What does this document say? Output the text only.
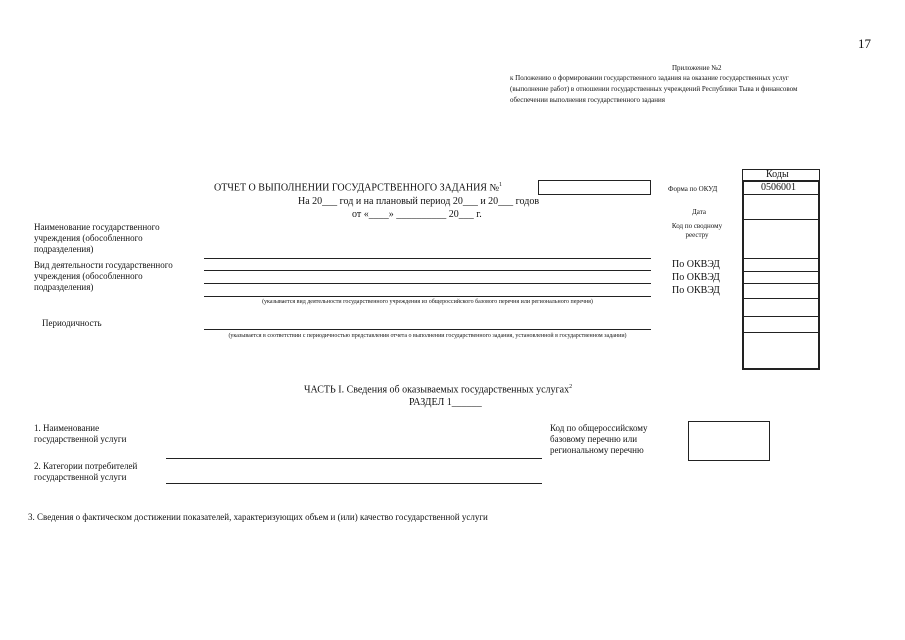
17
Приложение №2
к Положению о формировании государственного задания на оказание государственных услуг
(выполнение работ) в отношении государственных учреждений Республики Тыва и финансовом
обеспечении выполнения государственного задания
ОТЧЕТ О ВЫПОЛНЕНИИ ГОСУДАРСТВЕННОГО ЗАДАНИЯ №$^1$
На 20___ год и на плановый период 20___ и 20___ годов
от «____» __________ 20___ г.
Коды
0506001
Форма по ОКУД
Дата
Код по сводному реестру
По ОКВЭД
По ОКВЭД
По ОКВЭД
Наименование государственного учреждения (обособленного подразделения)
Вид деятельности государственного учреждения (обособленного подразделения)
Периодичность
(указывается вид деятельности государственного учреждения из общероссийского базового перечня или регионального перечня)
(указывается в соответствии с периодичностью представления отчета о выполнении государственного задания, установленной в государственном задании)
ЧАСТЬ I. Сведения об оказываемых государственных услугах$^2$
РАЗДЕЛ 1______
1. Наименование государственной услуги
2. Категории потребителей государственной услуги
Код по общероссийскому базовому перечню или региональному перечню
3. Сведения о фактическом достижении показателей, характеризующих объем и (или) качество государственной услуги
